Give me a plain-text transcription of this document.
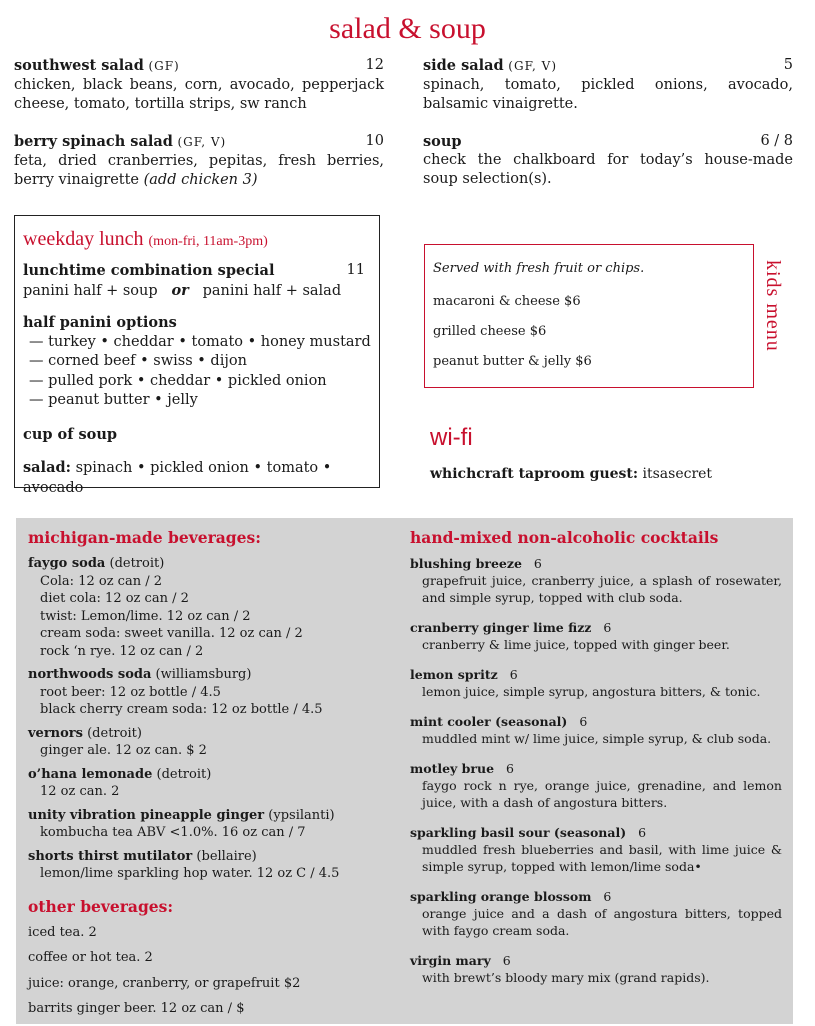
salad & soup
southwest salad (GF)	12
chicken, black beans, corn, avocado, pepperjack cheese, tomato, tortilla strips, sw ranch
side salad (GF, V)	5
spinach, tomato, pickled onions, avocado, balsamic vinaigrette.
berry spinach salad (GF, V)	10
feta, dried cranberries, pepitas, fresh berries, berry vinaigrette (add chicken 3)
soup	6 / 8
check the chalkboard for today’s house-made soup selection(s).
weekday lunch (mon-fri, 11am-3pm)
lunchtime combination special	11
panini half + soup or panini half + salad
half panini options
— turkey • cheddar • tomato • honey mustard
— corned beef • swiss • dijon
— pulled pork • cheddar • pickled onion
— peanut butter • jelly
cup of soup
salad: spinach • pickled onion • tomato • avocado
Served with fresh fruit or chips.
macaroni & cheese $6
grilled cheese $6
peanut butter & jelly $6
kids menu
wi-fi
whichcraft taproom guest: itsasecret
michigan-made beverages:
faygo soda (detroit)
Cola: 12 oz can / 2
diet cola: 12 oz can / 2
twist: Lemon/lime. 12 oz can / 2
cream soda: sweet vanilla. 12 oz can / 2
rock ‘n rye. 12 oz can / 2
northwoods soda (williamsburg)
root beer: 12 oz bottle / 4.5
black cherry cream soda: 12 oz bottle / 4.5
vernors (detroit)
ginger ale. 12 oz can. $ 2
o’hana lemonade (detroit)
12 oz can. 2
unity vibration pineapple ginger (ypsilanti)
kombucha tea ABV <1.0%. 16 oz can / 7
shorts thirst mutilator (bellaire)
lemon/lime sparkling hop water. 12 oz C / 4.5
other beverages:
iced tea. 2
coffee or hot tea. 2
juice: orange, cranberry, or grapefruit $2
barrits ginger beer. 12 oz can / $
hand-mixed non-alcoholic cocktails
blushing breeze 6
grapefruit juice, cranberry juice, a splash of rosewater, and simple syrup, topped with club soda.
cranberry ginger lime fizz 6
cranberry & lime juice, topped with ginger beer.
lemon spritz 6
lemon juice, simple syrup, angostura bitters, & tonic.
mint cooler (seasonal) 6
muddled mint w/ lime juice, simple syrup, & club soda.
motley brue 6
faygo rock n rye, orange juice, grenadine, and lemon juice, with a dash of angostura bitters.
sparkling basil sour (seasonal) 6
muddled fresh blueberries and basil, with lime juice & simple syrup, topped with lemon/lime soda•
sparkling orange blossom 6
orange juice and a dash of angostura bitters, topped with faygo cream soda.
virgin mary 6
with brewt’s bloody mary mix (grand rapids).
